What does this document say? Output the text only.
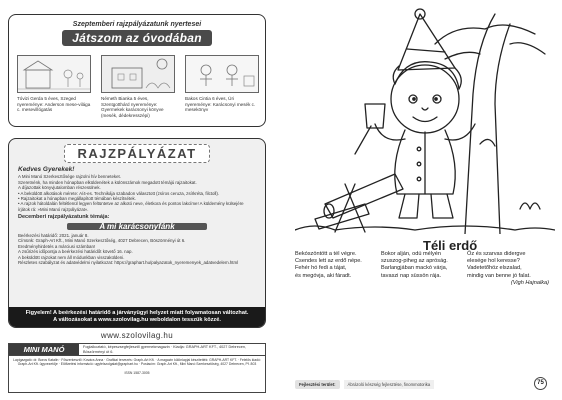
Szeptemberi rajzpályázatunk nyertesei
Játszom az óvodában
Tóvizi Gerda 5 éves, Szeged nyereménye: Anderson mese-világa c. mesevillógatás
Németh Bianka 5 éves, Szentgotthárd nyereménye: Gyermekek karácsonyi könyve (mesék, dédekresszépi)
Bakos Cintia 6 éves, Úri nyereménye: Karácsonyi mesék c. mesekönyv
RAJZPÁLYÁZAT
Kedves Gyerekek!
A Mini Manó Szerkesztősége rajzolni hív benneteket.
Szeretnénk, ha minden hónapban elküldenétek a különszámok megadott témájú rajzaitokat.
A díjazottak könyvjutalomban részesülnek.
• A beküldött alkotások mérete: A/4-es. Technikája szabadon választott (zsíros ceruza, zsírkréta, filctoll).
• Rajzaitokat a hónapban megállapított témában készítsétek.
• A rajzok hátoldalán feltétlenül legyen feltüntetve az alkotó neve, életkora és pontos lakcíme! A küldemény külsejére írjátok rá: »Mini Manó rajzpályázat«.
Decemberi rajzpályázatunk témája:
A mi karácsonyfánk
Beérkezési határidő: 2021. január 8.
Címünk: Graph-Art Kft., Mini Manó Szerkesztőség, 4027 Debrecen, Böszörményi út 6.
Eredményhirdetés a márciusi számban!
A zsűrizés időpontja a beérkezési határidőt követő 16. nap.
A beküldött rajzokat nem áll módunkban visszaküldeni.
Részletes szabályzat és adatvédelmi nyilatkozat: https://graphart.hu/palyazatok_nyeremenyek_adatvedelem.html
Figyelem! A beérkezési határidő a járványügyi helyzet miatt folyamatosan változhat.
A változásokat a www.szolovilag.hu weboldalon tesszük közzé.
www.szolovilag.hu
MINI MANÓ	Foglalkoztató, képeszsegfejlesztő gyermekmagazin · Kiadja: GRAPH-ART KFT., 4027 Debrecen, Böszörményi út 6.
Lapigazgató: dr. Boros Katalin · Főszerkesztő: Kovács Anna · Grafikai tervezés: Graph-Art Kft. · A magazin különlapjai készítették: GRAPH-ART KFT. · Felelős kiadó: Graph-Art Kft. ügyvezetője · Előfizetési információ: ugyfelszolgalat@graphart.hu · Postacím: Graph-Art Kft., Mini Manó Szerkesztőség, 4027 Debrecen, Pf. 803
ISSN 1587-3005
Téli erdő
Bekószöntött a tél végre.
Csendes lett az erdő népe.
Fehér hó fedi a tájat,
és megóvja, aki fáradt.
Bokor alján, odú mélyén
szuszog-piheg az apróság.
Barlangjában mackó várja,
tavaszi nap süssön rája.
Őz és szarvas didergve
elesége hol keresse?
Vadetetőhöz elszalad,
mindig van benne jó falat.
(Vigh Hajnalka)
Fejlesztési terület:	Ábrázoló készség fejlesztése, finommotorika	75
